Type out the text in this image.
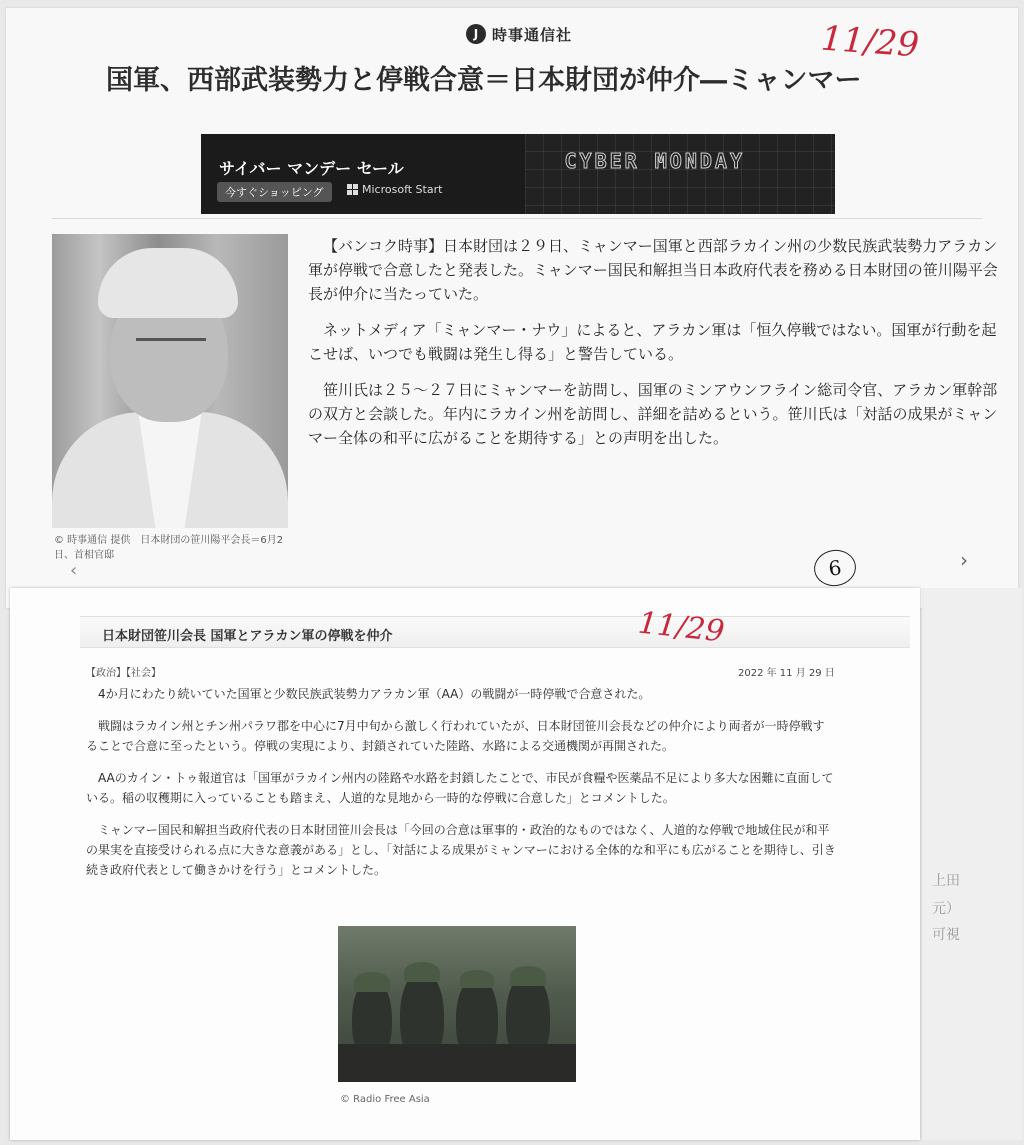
J 時事通信社	11/29
国軍、西部武装勢力と停戦合意＝日本財団が仲介―ミャンマー
CYBER MONDAY
サイバー マンデー セール
今すぐショッピング	Microsoft Start
© 時事通信 提供　日本財団の笹川陽平会長＝6月2日、首相官邸
‹

【バンコク時事】日本財団は２９日、ミャンマー国軍と西部ラカイン州の少数民族武装勢力アラカン軍が停戦で合意したと発表した。ミャンマー国民和解担当日本政府代表を務める日本財団の笹川陽平会長が仲介に当たっていた。

ネットメディア「ミャンマー・ナウ」によると、アラカン軍は「恒久停戦ではない。国軍が行動を起こせば、いつでも戦闘は発生し得る」と警告している。

笹川氏は２５～２７日にミャンマーを訪問し、国軍のミンアウンフライン総司令官、アラカン軍幹部の双方と会談した。年内にラカイン州を訪問し、詳細を詰めるという。笹川氏は「対話の成果がミャンマー全体の和平に広がることを期待する」との声明を出した。

6	›
上田
元）
可視
日本財団笹川会長 国軍とアラカン軍の停戦を仲介	11/29
【政治】【社会】	2022 年 11 月 29 日

4か月にわたり続いていた国軍と少数民族武装勢力アラカン軍（AA）の戦闘が一時停戦で合意された。

戦闘はラカイン州とチン州パラワ郡を中心に7月中旬から激しく行われていたが、日本財団笹川会長などの仲介により両者が一時停戦することで合意に至ったという。停戦の実現により、封鎖されていた陸路、水路による交通機関が再開された。

AAのカイン・トゥ報道官は「国軍がラカイン州内の陸路や水路を封鎖したことで、市民が食糧や医薬品不足により多大な困難に直面している。稲の収穫期に入っていることも踏まえ、人道的な見地から一時的な停戦に合意した」とコメントした。

ミャンマー国民和解担当政府代表の日本財団笹川会長は「今回の合意は軍事的・政治的なものではなく、人道的な停戦で地域住民が和平の果実を直接受けられる点に大きな意義がある」とし、「対話による成果がミャンマーにおける全体的な和平にも広がることを期待し、引き続き政府代表として働きかけを行う」とコメントした。

© Radio Free Asia
